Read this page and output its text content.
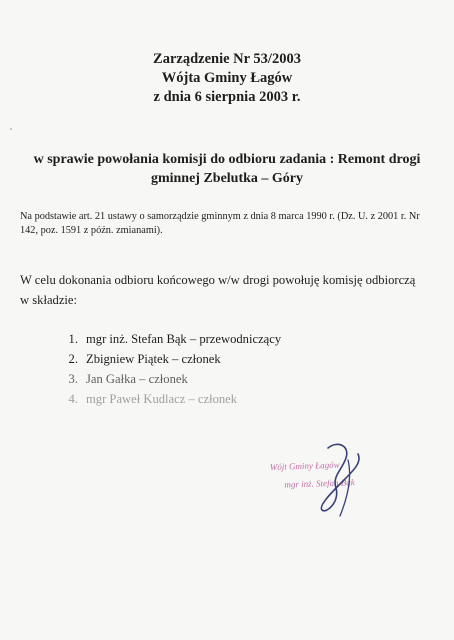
Zarządzenie Nr 53/2003
Wójta Gminy Łagów
z dnia 6 sierpnia 2003 r.
w sprawie powołania komisji do odbioru zadania : Remont drogi
gminnej Zbelutka – Góry
Na podstawie art. 21 ustawy o samorządzie gminnym z dnia 8 marca 1990 r. (Dz. U. z 2001 r. Nr
142, poz. 1591 z późn. zmianami).
W celu dokonania odbioru końcowego w/w drogi powołuję komisję odbiorczą
w składzie:
1. mgr inż. Stefan Bąk – przewodniczący
2. Zbigniew Piątek – członek
3. Jan Gałka – członek
4. mgr Paweł Kudlacz – członek
Wójt Gminy Łagów
mgr inż. Stefan Bąk
